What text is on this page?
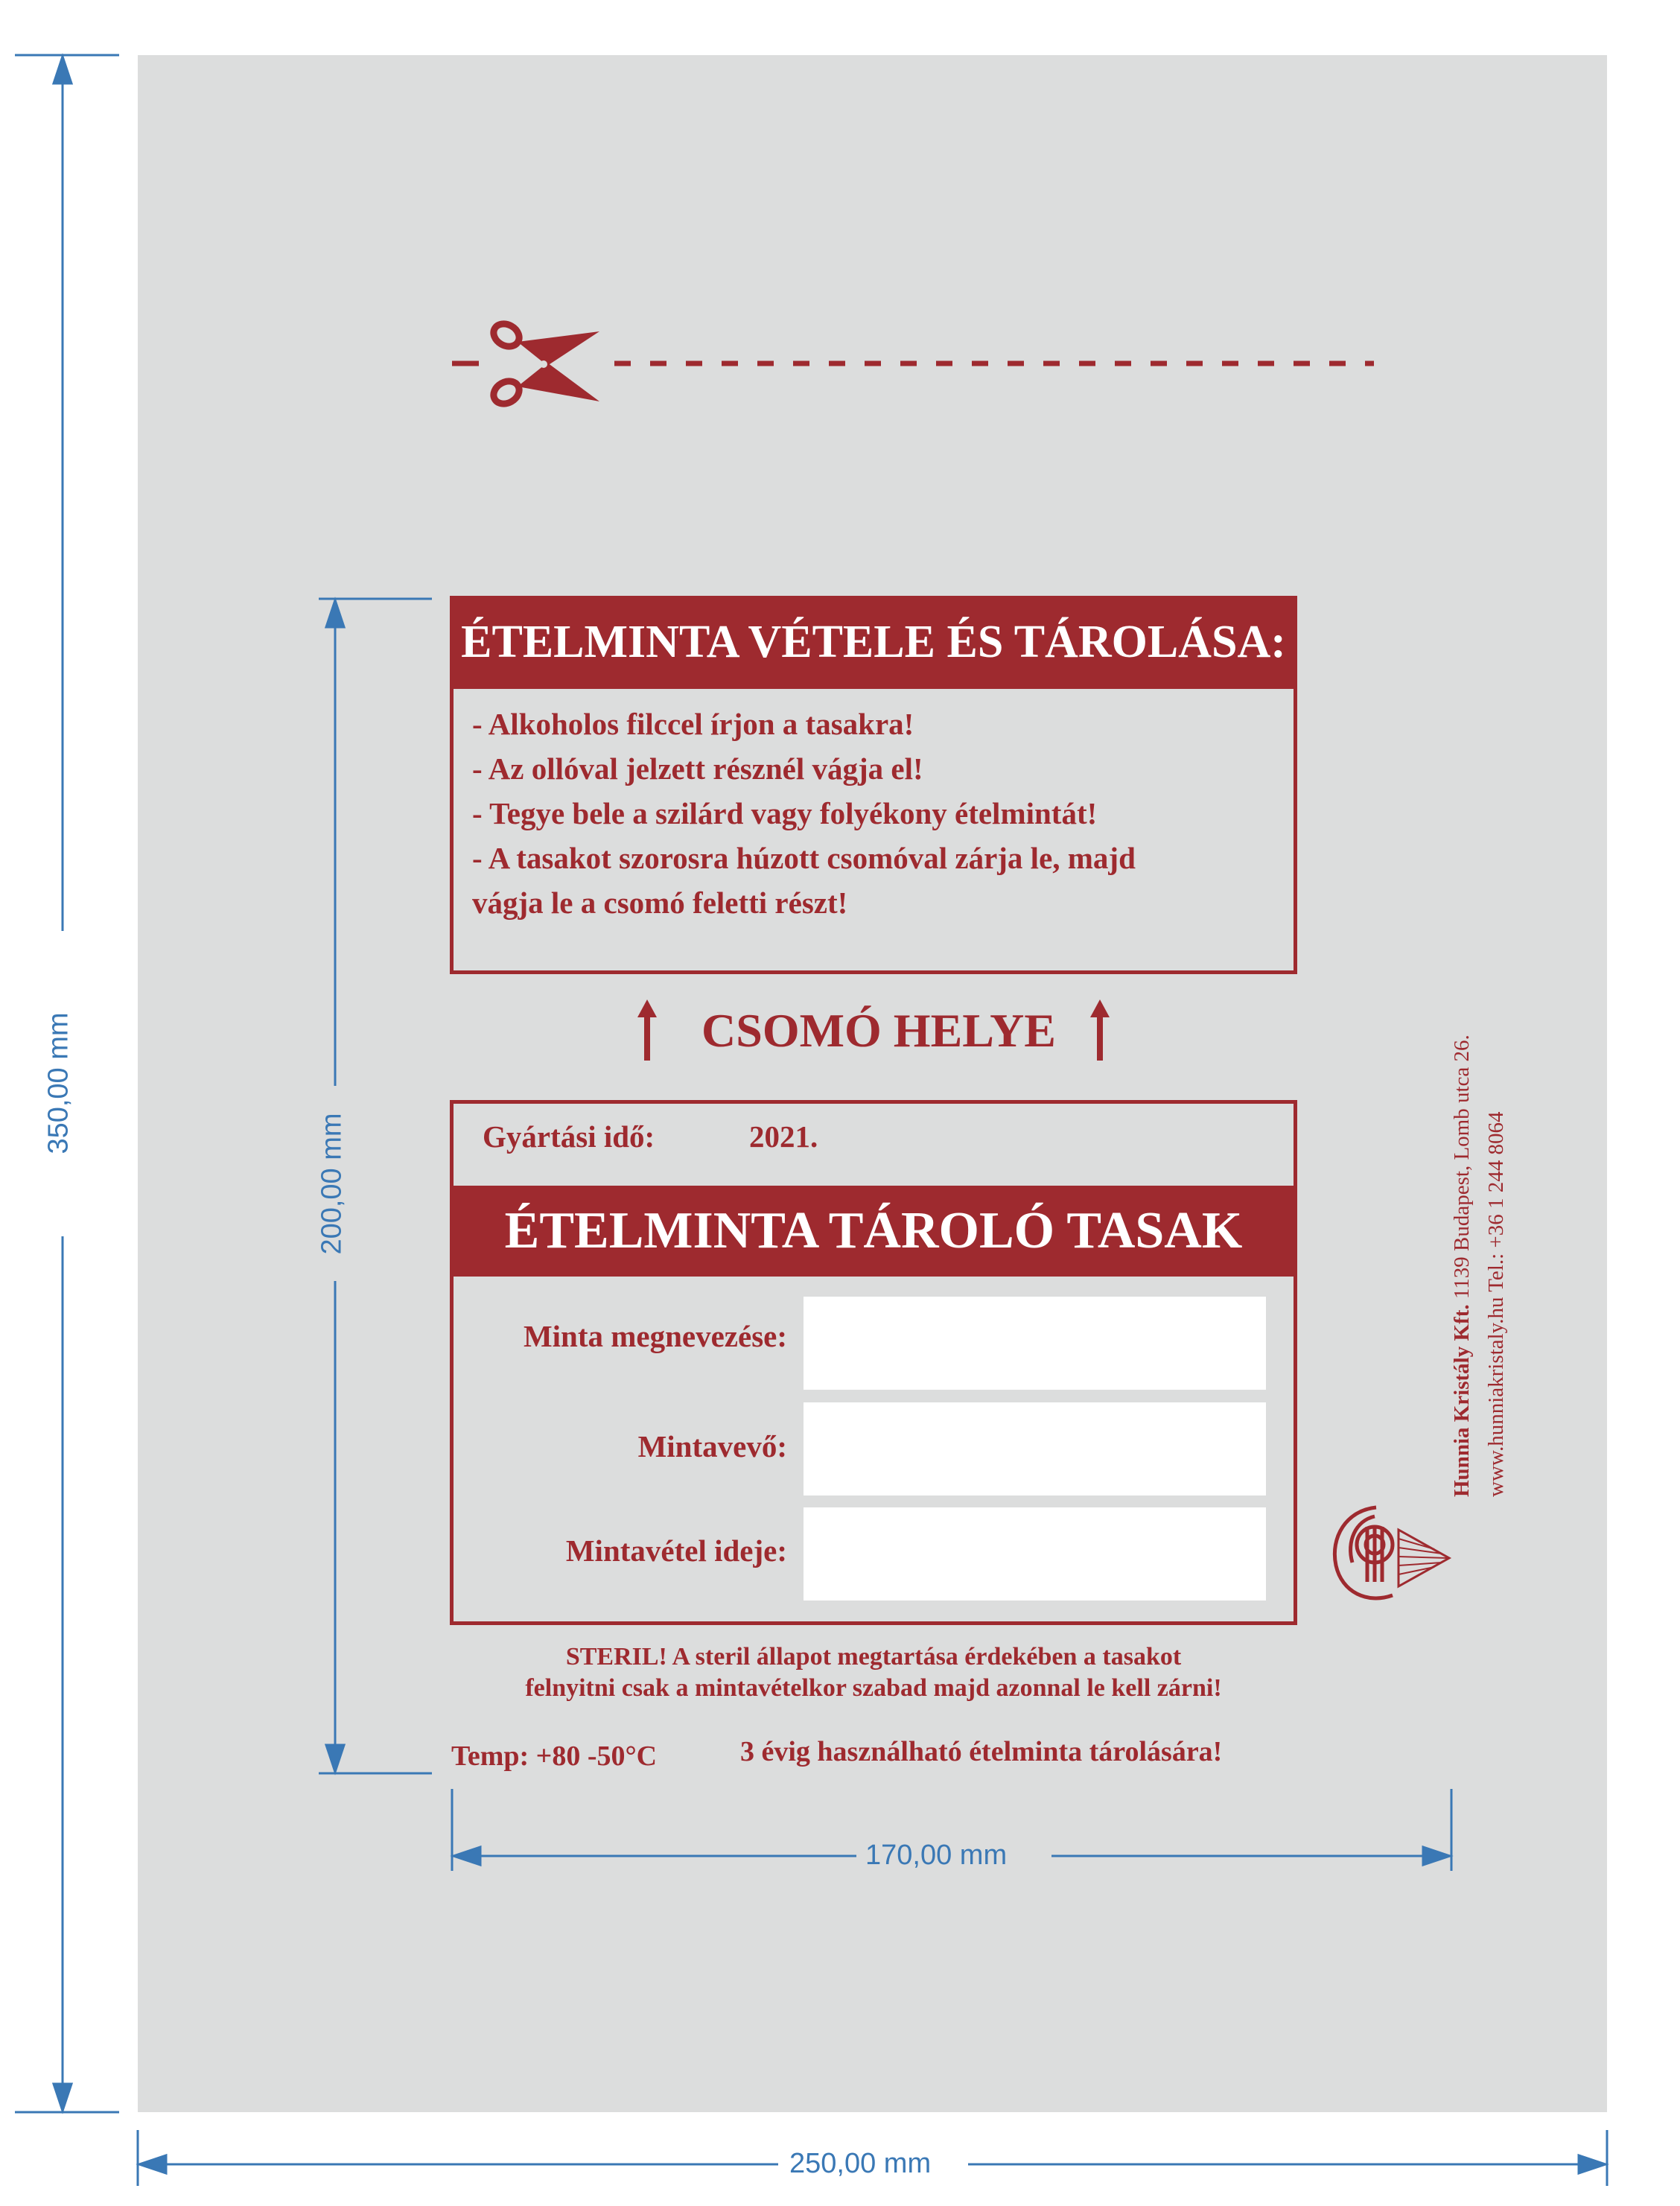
350,00 mm
250,00 mm
200,00 mm
170,00 mm
ÉTELMINTA VÉTELE ÉS TÁROLÁSA:
- Alkoholos filccel írjon a tasakra!
- Az ollóval jelzett résznél vágja el!
- Tegye bele a szilárd vagy folyékony ételmintát!
- A tasakot szorosra húzott csomóval zárja le, majd
vágja le a csomó feletti részt!
CSOMÓ HELYE
Gyártási idő:	2021.
ÉTELMINTA TÁROLÓ TASAK
Minta megnevezése:
Mintavevő:
Mintavétel ideje:
STERIL! A steril állapot megtartása érdekében a tasakot
felnyitni csak a mintavételkor szabad majd azonnal le kell zárni!
Temp: +80 -50°C	3 évig használható ételminta tárolására!
Hunnia Kristály Kft. 1139 Budapest, Lomb utca 26. www.hunniakristaly.hu Tel.: +36 1 244 8064
